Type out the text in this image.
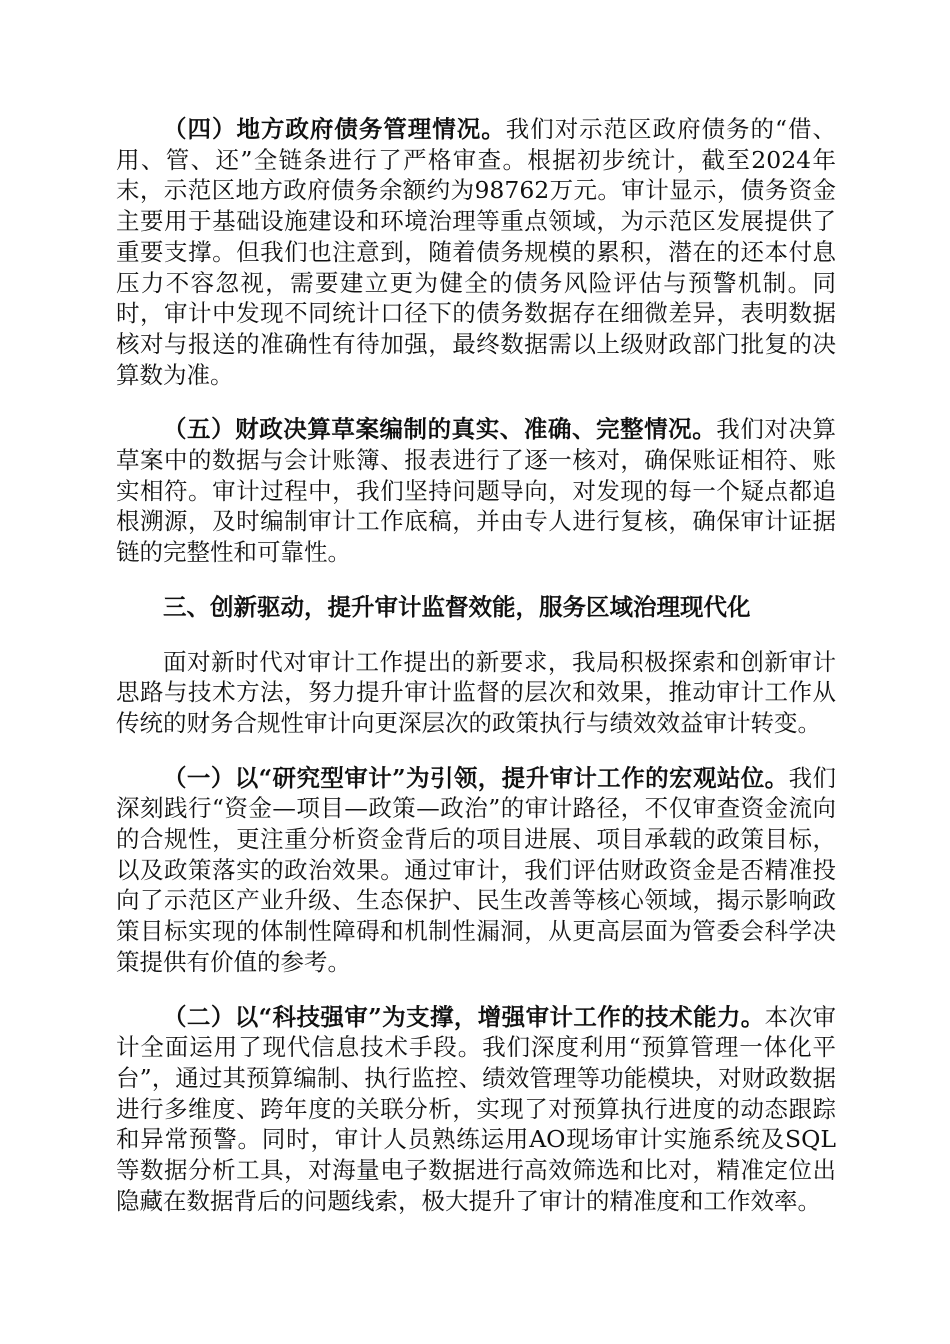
（四）地方政府债务管理情况。我们对示范区政府债务的“借、用、管、还”全链条进行了严格审查。根据初步统计，截至2024年末，示范区地方政府债务余额约为98762万元。审计显示，债务资金主要用于基础设施建设和环境治理等重点领域，为示范区发展提供了重要支撑。但我们也注意到，随着债务规模的累积，潜在的还本付息压力不容忽视，需要建立更为健全的债务风险评估与预警机制。同时，审计中发现不同统计口径下的债务数据存在细微差异，表明数据核对与报送的准确性有待加强，最终数据需以上级财政部门批复的决算数为准。

（五）财政决算草案编制的真实、准确、完整情况。我们对决算草案中的数据与会计账簿、报表进行了逐一核对，确保账证相符、账实相符。审计过程中，我们坚持问题导向，对发现的每一个疑点都追根溯源，及时编制审计工作底稿，并由专人进行复核，确保审计证据链的完整性和可靠性。

三、创新驱动，提升审计监督效能，服务区域治理现代化

面对新时代对审计工作提出的新要求，我局积极探索和创新审计思路与技术方法，努力提升审计监督的层次和效果，推动审计工作从传统的财务合规性审计向更深层次的政策执行与绩效效益审计转变。

（一）以“研究型审计”为引领，提升审计工作的宏观站位。我们深刻践行“资金—项目—政策—政治”的审计路径，不仅审查资金流向的合规性，更注重分析资金背后的项目进展、项目承载的政策目标，以及政策落实的政治效果。通过审计，我们评估财政资金是否精准投向了示范区产业升级、生态保护、民生改善等核心领域，揭示影响政策目标实现的体制性障碍和机制性漏洞，从更高层面为管委会科学决策提供有价值的参考。

（二）以“科技强审”为支撑，增强审计工作的技术能力。本次审计全面运用了现代信息技术手段。我们深度利用“预算管理一体化平台”，通过其预算编制、执行监控、绩效管理等功能模块，对财政数据进行多维度、跨年度的关联分析，实现了对预算执行进度的动态跟踪和异常预警。同时，审计人员熟练运用AO现场审计实施系统及SQL等数据分析工具，对海量电子数据进行高效筛选和比对，精准定位出隐藏在数据背后的问题线索，极大提升了审计的精准度和工作效率。
